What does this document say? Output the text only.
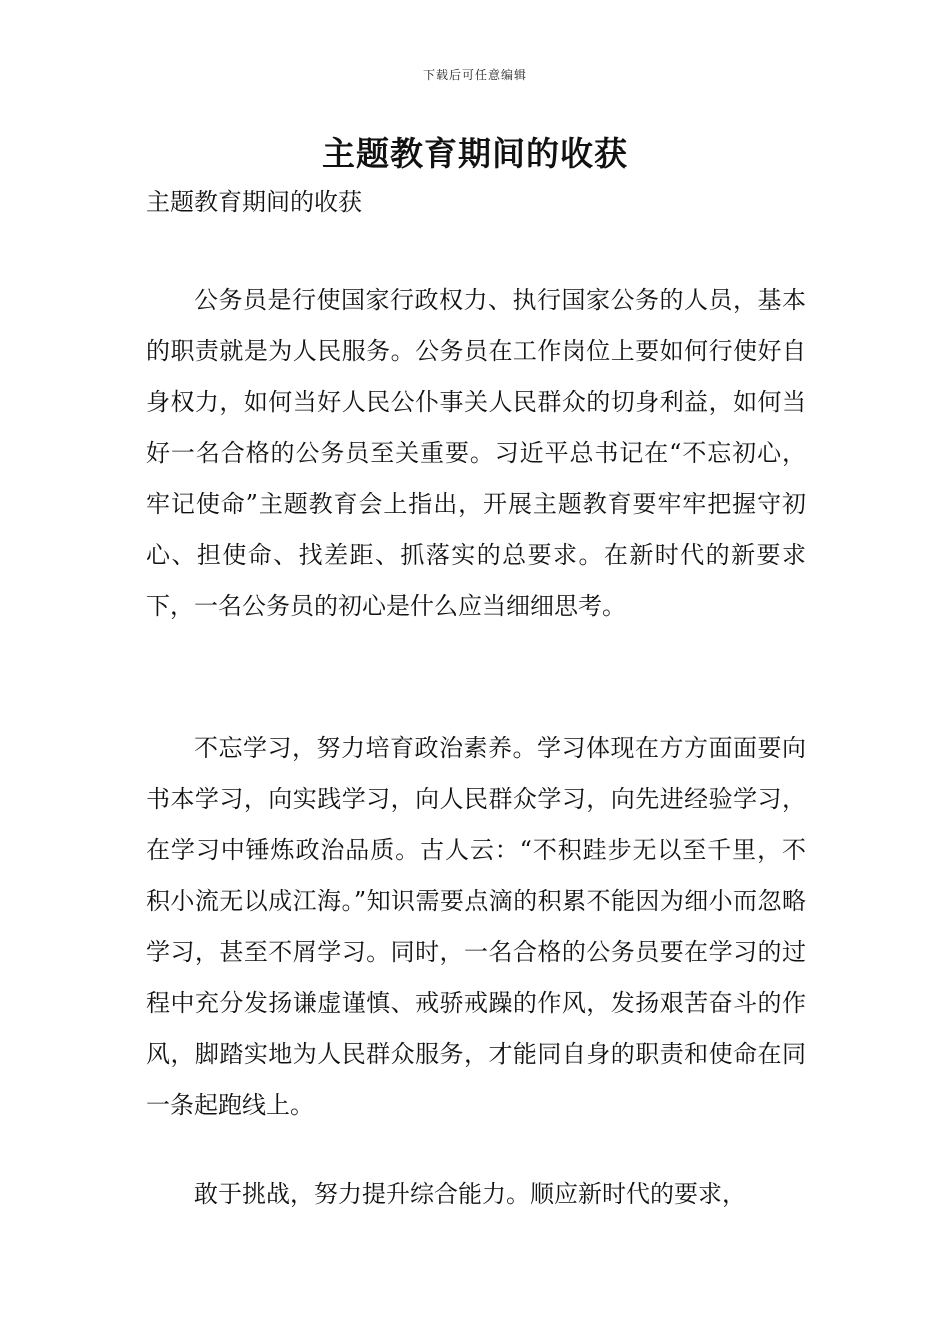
下载后可任意编辑
主题教育期间的收获

主题教育期间的收获

公务员是行使国家行政权力、执行国家公务的人员，基本的职责就是为人民服务。公务员在工作岗位上要如何行使好自身权力，如何当好人民公仆事关人民群众的切身利益，如何当好一名合格的公务员至关重要。习近平总书记在“不忘初心，牢记使命”主题教育会上指出，开展主题教育要牢牢把握守初心、担使命、找差距、抓落实的总要求。在新时代的新要求下，一名公务员的初心是什么应当细细思考。

不忘学习，努力培育政治素养。学习体现在方方面面要向书本学习，向实践学习，向人民群众学习，向先进经验学习，在学习中锤炼政治品质。古人云：“不积跬步无以至千里，不积小流无以成江海。”知识需要点滴的积累不能因为细小而忽略学习，甚至不屑学习。同时，一名合格的公务员要在学习的过程中充分发扬谦虚谨慎、戒骄戒躁的作风，发扬艰苦奋斗的作风，脚踏实地为人民群众服务，才能同自身的职责和使命在同一条起跑线上。

敢于挑战，努力提升综合能力。顺应新时代的要求，
